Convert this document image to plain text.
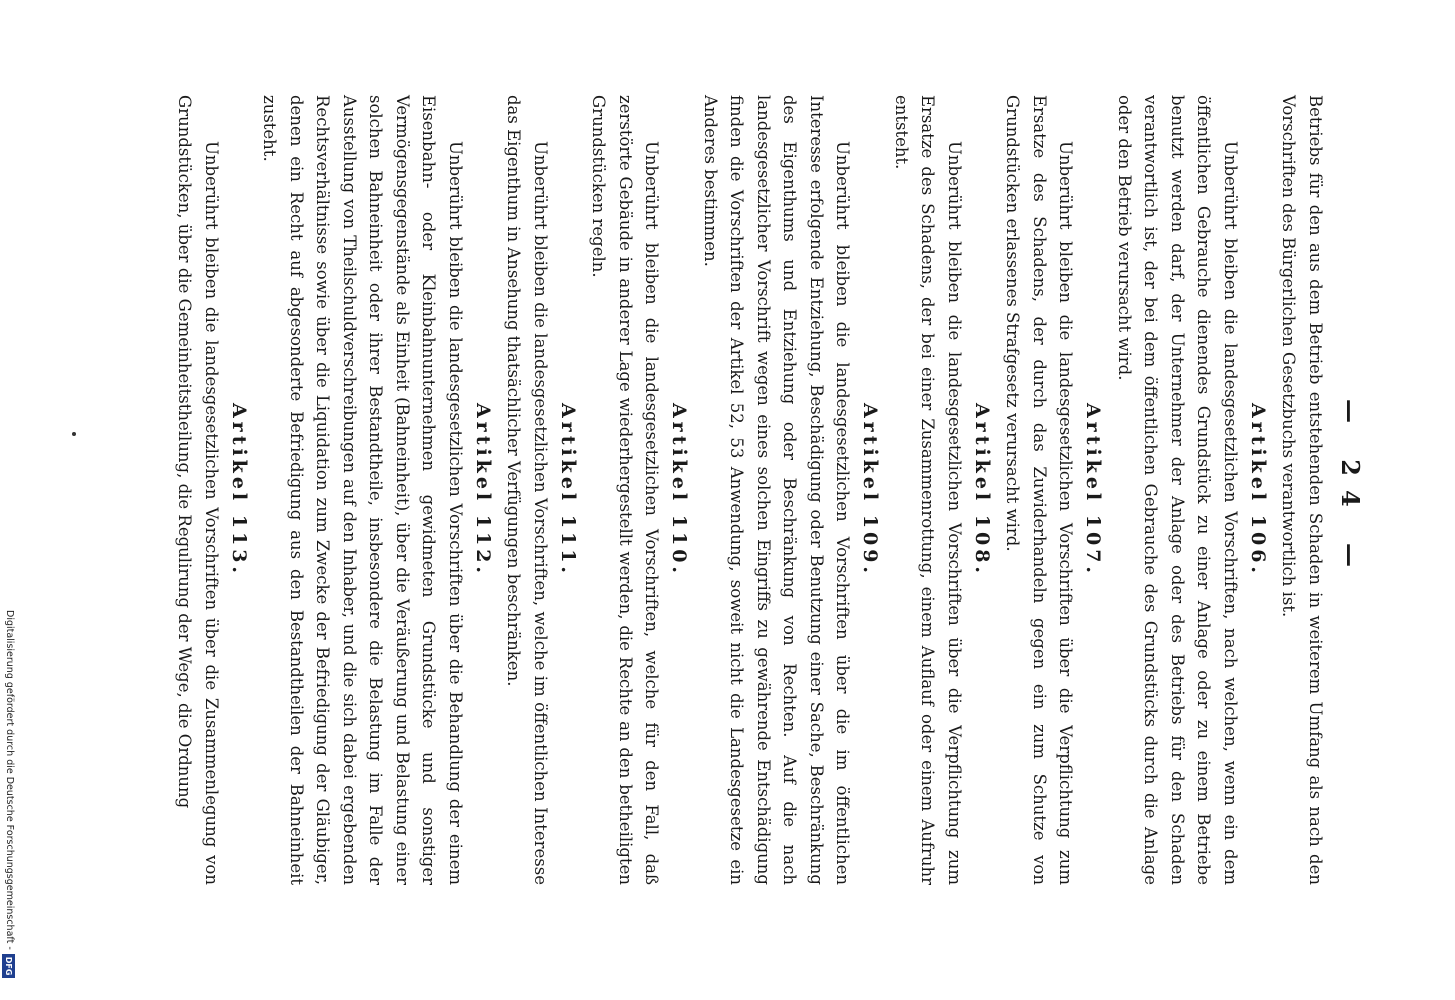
— 24 —

Betriebs für den aus dem Betrieb entstehenden Schaden in weiterem Umfang als nach den Vorschriften des Bürgerlichen Gesetzbuchs verantwortlich ist.

Artikel 106.

Unberührt bleiben die landesgesetzlichen Vorschriften, nach welchen, wenn ein dem öffentlichen Gebrauche dienendes Grundstück zu einer Anlage oder zu einem Betriebe benutzt werden darf, der Unternehmer der Anlage oder des Betriebs für den Schaden verantwortlich ist, der bei dem öffentlichen Gebrauche des Grundstücks durch die Anlage oder den Betrieb verursacht wird.

Artikel 107.

Unberührt bleiben die landesgesetzlichen Vorschriften über die Verpflichtung zum Ersatze des Schadens, der durch das Zuwiderhandeln gegen ein zum Schutze von Grundstücken erlassenes Strafgesetz verursacht wird.

Artikel 108.

Unberührt bleiben die landesgesetzlichen Vorschriften über die Verpflichtung zum Ersatze des Schadens, der bei einer Zusammenrottung, einem Auflauf oder einem Aufruhr entsteht.

Artikel 109.

Unberührt bleiben die landesgesetzlichen Vorschriften über die im öffentlichen Interesse erfolgende Entziehung, Beschädigung oder Benutzung einer Sache, Beschränkung des Eigenthums und Entziehung oder Beschränkung von Rechten. Auf die nach landesgesetzlicher Vorschrift wegen eines solchen Eingriffs zu gewährende Entschädigung finden die Vorschriften der Artikel 52, 53 Anwendung, soweit nicht die Landesgesetze ein Anderes bestimmen.

Artikel 110.

Unberührt bleiben die landesgesetzlichen Vorschriften, welche für den Fall, daß zerstörte Gebäude in anderer Lage wiederhergestellt werden, die Rechte an den betheiligten Grundstücken regeln.

Artikel 111.

Unberührt bleiben die landesgesetzlichen Vorschriften, welche im öffentlichen Interesse das Eigenthum in Ansehung thatsächlicher Verfügungen beschränken.

Artikel 112.

Unberührt bleiben die landesgesetzlichen Vorschriften über die Behandlung der einem Eisenbahn- oder Kleinbahnunternehmen gewidmeten Grundstücke und sonstiger Vermögensgegenstände als Einheit (Bahneinheit), über die Veräußerung und Belastung einer solchen Bahneinheit oder ihrer Bestandtheile, insbesondere die Belastung im Falle der Ausstellung von Theilschuldverschreibungen auf den Inhaber, und die sich dabei ergebenden Rechtsverhältnisse sowie über die Liquidation zum Zwecke der Befriedigung der Gläubiger, denen ein Recht auf abgesonderte Befriedigung aus den Bestandtheilen der Bahneinheit zusteht.

Artikel 113.

Unberührt bleiben die landesgesetzlichen Vorschriften über die Zusammenlegung von Grundstücken, über die Gemeinheitstheilung, die Regulirung der Wege, die Ordnung

Digitalisierung gefördert durch die Deutsche Forschungsgemeinschaft -
DFG
